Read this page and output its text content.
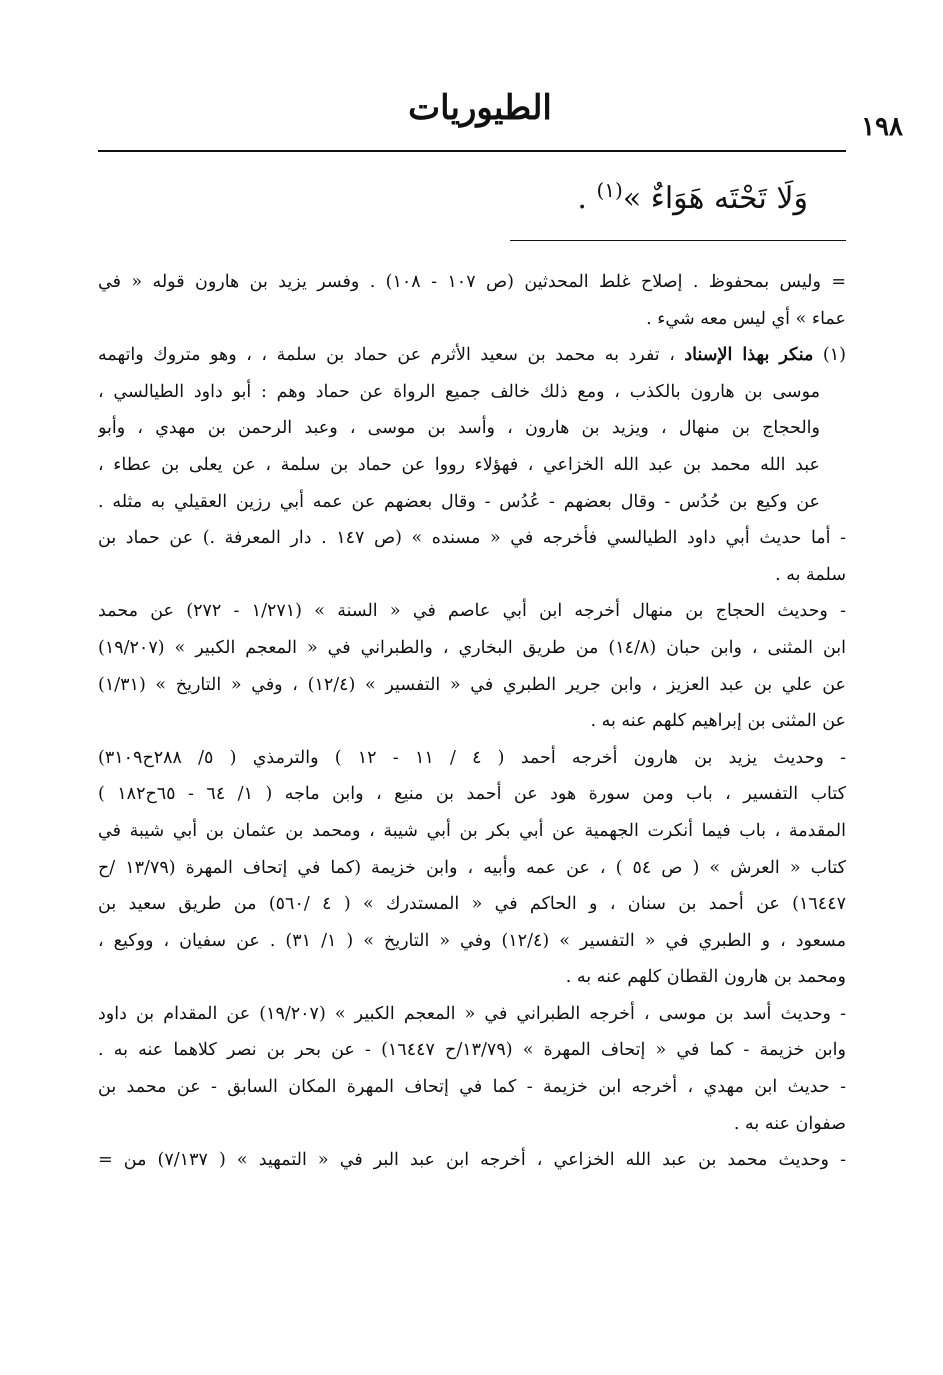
الطيوريات	١٩٨
وَلَا تَحْتَه هَوَاءٌ »$^{(١)}$ .
= وليس بمحفوظ . إصلاح غلط المحدثين (ص ١٠٧ - ١٠٨) . وفسر يزيد بن هارون قوله « في
عماء » أي ليس معه شيء .
(١) منكر بهذا الإسناد ، تفرد به محمد بن سعيد الأثرم عن حماد بن سلمة ، ، وهو متروك واتهمه
موسى بن هارون بالكذب ، ومع ذلك خالف جميع الرواة عن حماد وهم : أبو داود الطيالسي ،
والحجاج بن منهال ، ويزيد بن هارون ، وأسد بن موسى ، وعبد الرحمن بن مهدي ، وأبو
عبد الله محمد بن عبد الله الخزاعي ، فهؤلاء رووا عن حماد بن سلمة ، عن يعلى بن عطاء ،
عن وكيع بن حُدُس - وقال بعضهم - عُدُس - وقال بعضهم عن عمه أبي رزين العقيلي به مثله .
- أما حديث أبي داود الطيالسي فأخرجه في « مسنده » (ص ١٤٧ . دار المعرفة .) عن حماد بن
سلمة به .
- وحديث الحجاج بن منهال أخرجه ابن أبي عاصم في « السنة » (١/٢٧١ - ٢٧٢) عن محمد
ابن المثنى ، وابن حبان (١٤/٨) من طريق البخاري ، والطبراني في « المعجم الكبير » (١٩/٢٠٧)
عن علي بن عبد العزيز ، وابن جرير الطبري في « التفسير » (١٢/٤) ، وفي « التاريخ » (١/٣١)
عن المثنى بن إبراهيم كلهم عنه به .
- وحديث يزيد بن هارون أخرجه أحمد ( ٤ / ١١ - ١٢ ) والترمذي ( ٥/ ٢٨٨ح٣١٠٩)
كتاب التفسير ، باب ومن سورة هود عن أحمد بن منيع ، وابن ماجه ( ١/ ٦٤ - ٦٥ح١٨٢ )
المقدمة ، باب فيما أنكرت الجهمية عن أبي بكر بن أبي شيبة ، ومحمد بن عثمان بن أبي شيبة في
كتاب « العرش » ( ص ٥٤ ) ، عن عمه وأبيه ، وابن خزيمة (كما في إتحاف المهرة (١٣/٧٩ /ح
١٦٤٤٧) عن أحمد بن سنان ، و الحاكم في « المستدرك » ( ٤ /٥٦٠) من طريق سعيد بن
مسعود ، و الطبري في « التفسير » (١٢/٤) وفي « التاريخ » ( ١/ ٣١) . عن سفيان ، ووكيع ،
ومحمد بن هارون القطان كلهم عنه به .
- وحديث أسد بن موسى ، أخرجه الطبراني في « المعجم الكبير » (١٩/٢٠٧) عن المقدام بن داود
وابن خزيمة - كما في « إتحاف المهرة » (١٣/٧٩/ح ١٦٤٤٧) - عن بحر بن نصر كلاهما عنه به .
- حديث ابن مهدي ، أخرجه ابن خزيمة - كما في إتحاف المهرة المكان السابق - عن محمد بن
صفوان عنه به .
- وحديث محمد بن عبد الله الخزاعي ، أخرجه ابن عبد البر في « التمهيد » ( ٧/١٣٧) من =
